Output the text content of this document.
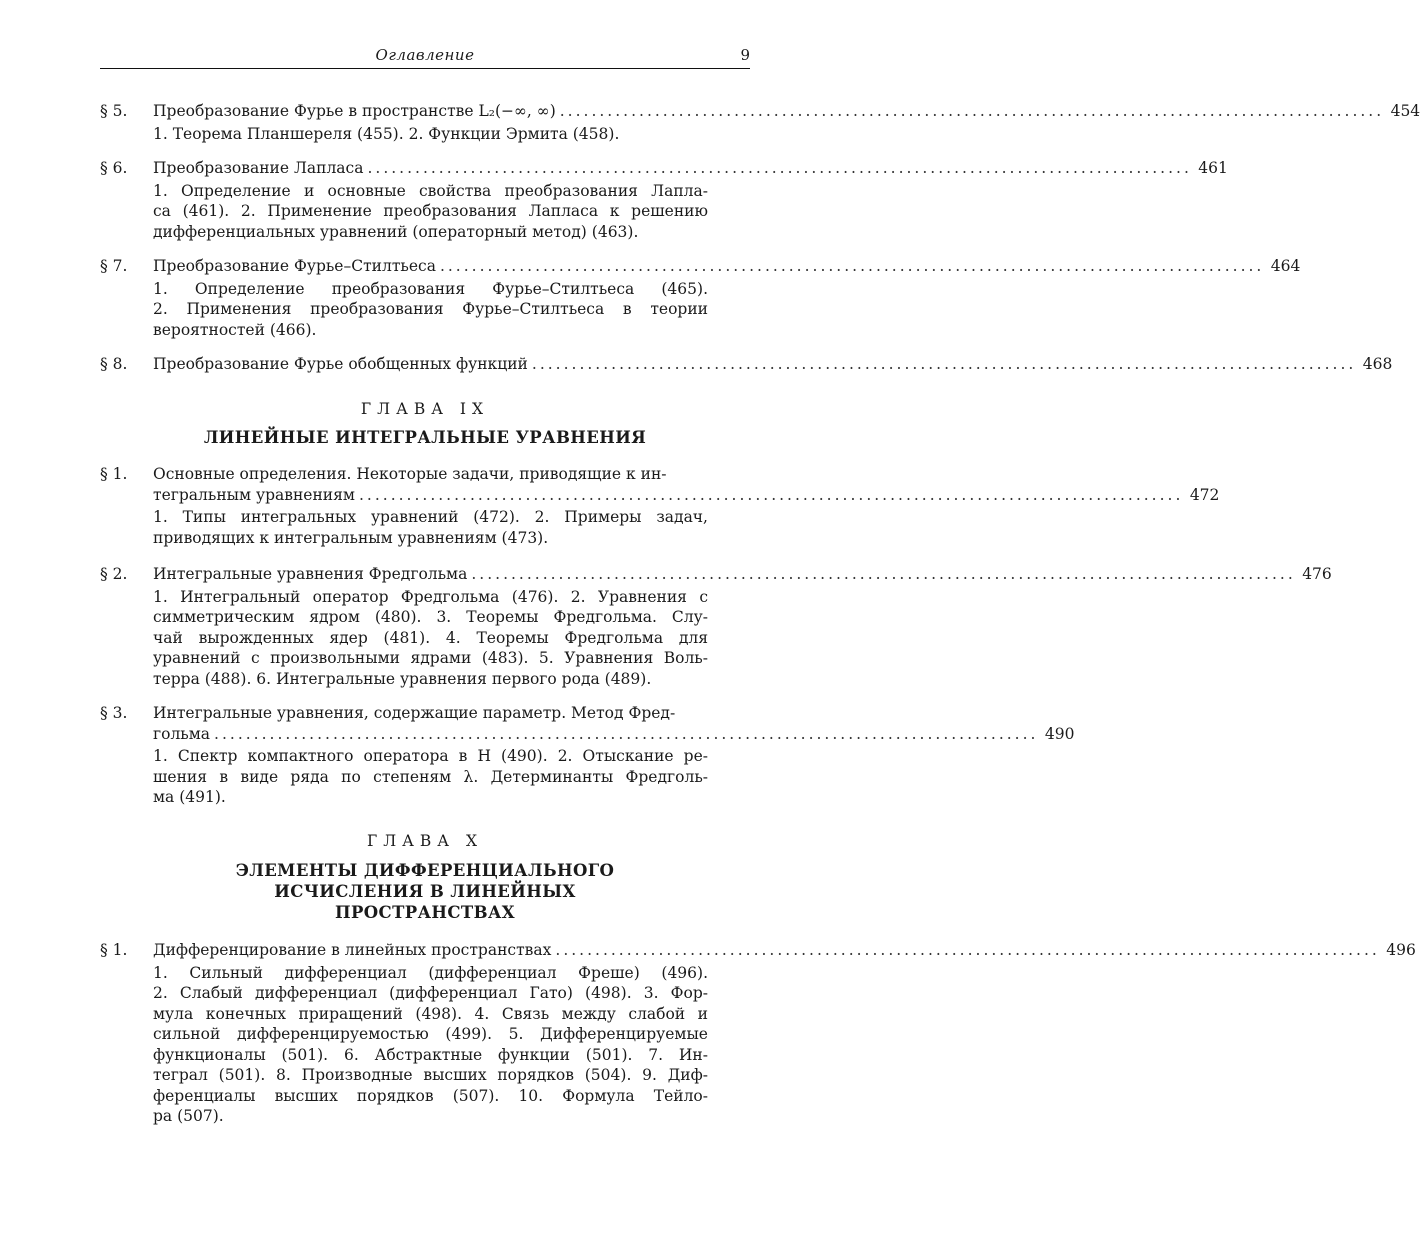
Оглавление	9
§ 5.	Преобразование Фурье в пространстве L₂(−∞, ∞) ........................................................................................................ 454
1. Теорема Планшереля (455). 2. Функции Эрмита (458).
§ 6.	Преобразование Лапласа ........................................................................................................ 461
1. Определение и основные свойства преобразования Лапла-
са (461). 2. Применение преобразования Лапласа к решению
дифференциальных уравнений (операторный метод) (463).
§ 7.	Преобразование Фурье–Стилтьеса ........................................................................................................ 464
1. Определение преобразования Фурье–Стилтьеса (465).
2. Применения преобразования Фурье–Стилтьеса в теории
вероятностей (466).
§ 8.	Преобразование Фурье обобщенных функций ........................................................................................................ 468
ГЛАВА IX
ЛИНЕЙНЫЕ ИНТЕГРАЛЬНЫЕ УРАВНЕНИЯ
§ 1.	Основные определения. Некоторые задачи, приводящие к ин-
тегральным уравнениям ........................................................................................................ 472
1. Типы интегральных уравнений (472). 2. Примеры задач,
приводящих к интегральным уравнениям (473).
§ 2.	Интегральные уравнения Фредгольма ........................................................................................................ 476
1. Интегральный оператор Фредгольма (476). 2. Уравнения с
симметрическим ядром (480). 3. Теоремы Фредгольма. Слу-
чай вырожденных ядер (481). 4. Теоремы Фредгольма для
уравнений с произвольными ядрами (483). 5. Уравнения Воль-
терра (488). 6. Интегральные уравнения первого рода (489).
§ 3.	Интегральные уравнения, содержащие параметр. Метод Фред-
гольма ........................................................................................................ 490
1. Спектр компактного оператора в H (490). 2. Отыскание ре-
шения в виде ряда по степеням λ. Детерминанты Фредголь-
ма (491).
ГЛАВА X
ЭЛЕМЕНТЫ ДИФФЕРЕНЦИАЛЬНОГО
ИСЧИСЛЕНИЯ В ЛИНЕЙНЫХ
ПРОСТРАНСТВАХ
§ 1.	Дифференцирование в линейных пространствах ........................................................................................................ 496
1. Сильный дифференциал (дифференциал Фреше) (496).
2. Слабый дифференциал (дифференциал Гато) (498). 3. Фор-
мула конечных приращений (498). 4. Связь между слабой и
сильной дифференцируемостью (499). 5. Дифференцируемые
функционалы (501). 6. Абстрактные функции (501). 7. Ин-
теграл (501). 8. Производные высших порядков (504). 9. Диф-
ференциалы высших порядков (507). 10. Формула Тейло-
ра (507).
